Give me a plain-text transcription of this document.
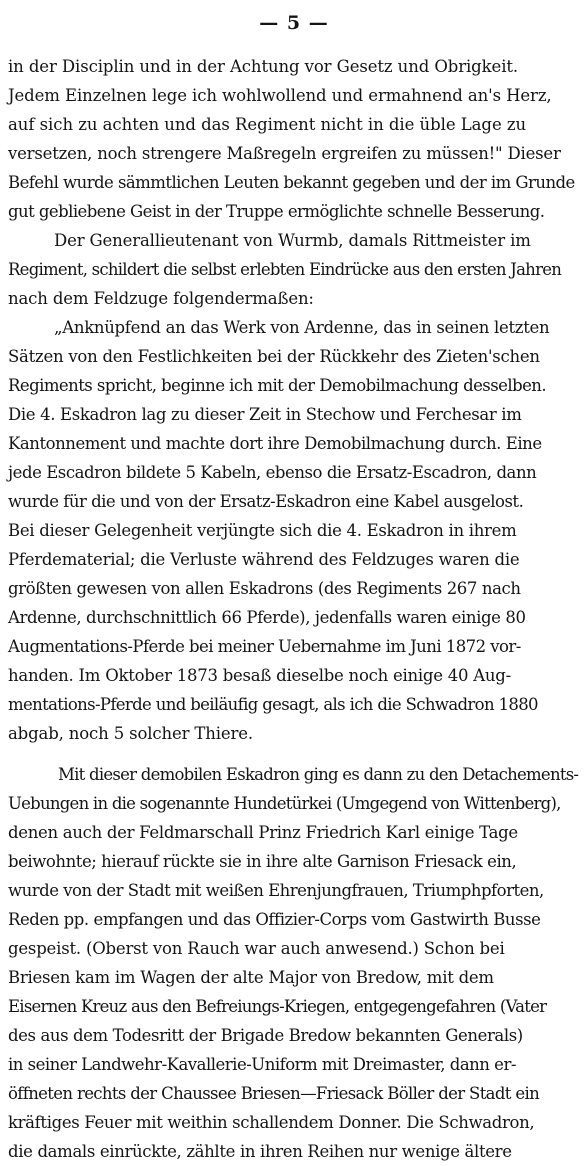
— 5 —
in der Disciplin und in der Achtung vor Gesetz und Obrigkeit.
Jedem Einzelnen lege ich wohlwollend und ermahnend an's Herz,
auf sich zu achten und das Regiment nicht in die üble Lage zu
versetzen, noch strengere Maßregeln ergreifen zu müssen!" Dieser
Befehl wurde sämmtlichen Leuten bekannt gegeben und der im Grunde
gut gebliebene Geist in der Truppe ermöglichte schnelle Besserung.
Der Generallieutenant von Wurmb, damals Rittmeister im
Regiment, schildert die selbst erlebten Eindrücke aus den ersten Jahren
nach dem Feldzuge folgendermaßen:
„Anknüpfend an das Werk von Ardenne, das in seinen letzten
Sätzen von den Festlichkeiten bei der Rückkehr des Zieten'schen
Regiments spricht, beginne ich mit der Demobilmachung desselben.
Die 4. Eskadron lag zu dieser Zeit in Stechow und Ferchesar im
Kantonnement und machte dort ihre Demobilmachung durch. Eine
jede Escadron bildete 5 Kabeln, ebenso die Ersatz-Escadron, dann
wurde für die und von der Ersatz-Eskadron eine Kabel ausgelost.
Bei dieser Gelegenheit verjüngte sich die 4. Eskadron in ihrem
Pferdematerial; die Verluste während des Feldzuges waren die
größten gewesen von allen Eskadrons (des Regiments 267 nach
Ardenne, durchschnittlich 66 Pferde), jedenfalls waren einige 80
Augmentations-Pferde bei meiner Uebernahme im Juni 1872 vor-
handen. Im Oktober 1873 besaß dieselbe noch einige 40 Aug-
mentations-Pferde und beiläufig gesagt, als ich die Schwadron 1880
abgab, noch 5 solcher Thiere.
Mit dieser demobilen Eskadron ging es dann zu den Detachements-
Uebungen in die sogenannte Hundetürkei (Umgegend von Wittenberg),
denen auch der Feldmarschall Prinz Friedrich Karl einige Tage
beiwohnte; hierauf rückte sie in ihre alte Garnison Friesack ein,
wurde von der Stadt mit weißen Ehrenjungfrauen, Triumphpforten,
Reden pp. empfangen und das Offizier-Corps vom Gastwirth Busse
gespeist. (Oberst von Rauch war auch anwesend.) Schon bei
Briesen kam im Wagen der alte Major von Bredow, mit dem
Eisernen Kreuz aus den Befreiungs-Kriegen, entgegengefahren (Vater
des aus dem Todesritt der Brigade Bredow bekannten Generals)
in seiner Landwehr-Kavallerie-Uniform mit Dreimaster, dann er-
öffneten rechts der Chaussee Briesen—Friesack Böller der Stadt ein
kräftiges Feuer mit weithin schallendem Donner. Die Schwadron,
die damals einrückte, zählte in ihren Reihen nur wenige ältere
